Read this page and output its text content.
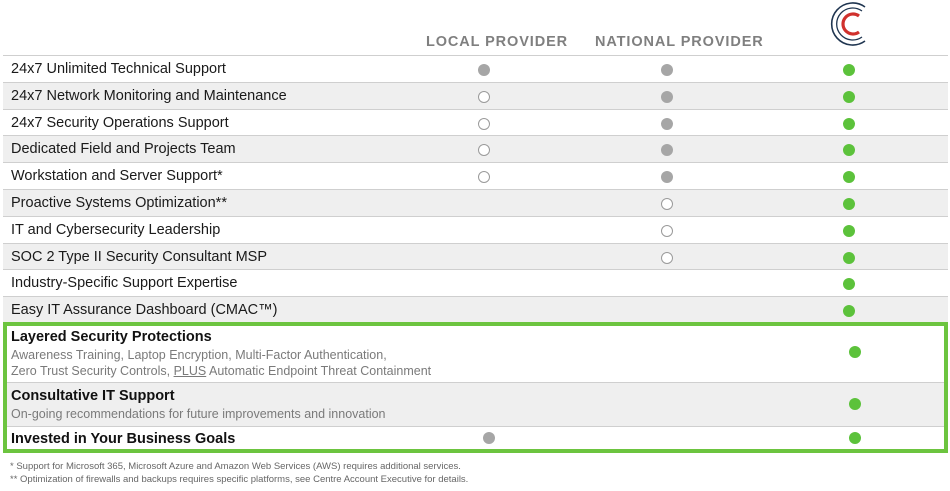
LOCAL PROVIDER NATIONAL PROVIDER
24x7 Unlimited Technical Support
24x7 Network Monitoring and Maintenance
24x7 Security Operations Support
Dedicated Field and Projects Team
Workstation and Server Support*
Proactive Systems Optimization**
IT and Cybersecurity Leadership
SOC 2 Type II Security Consultant MSP
Industry-Specific Support Expertise
Easy IT Assurance Dashboard (CMAC™)
Layered Security Protections
Awareness Training, Laptop Encryption, Multi-Factor Authentication,
Zero Trust Security Controls, PLUS Automatic Endpoint Threat Containment
Consultative IT Support
On-going recommendations for future improvements and innovation
Invested in Your Business Goals
* Support for Microsoft 365, Microsoft Azure and Amazon Web Services (AWS) requires additional services.
** Optimization of firewalls and backups requires specific platforms, see Centre Account Executive for details.
